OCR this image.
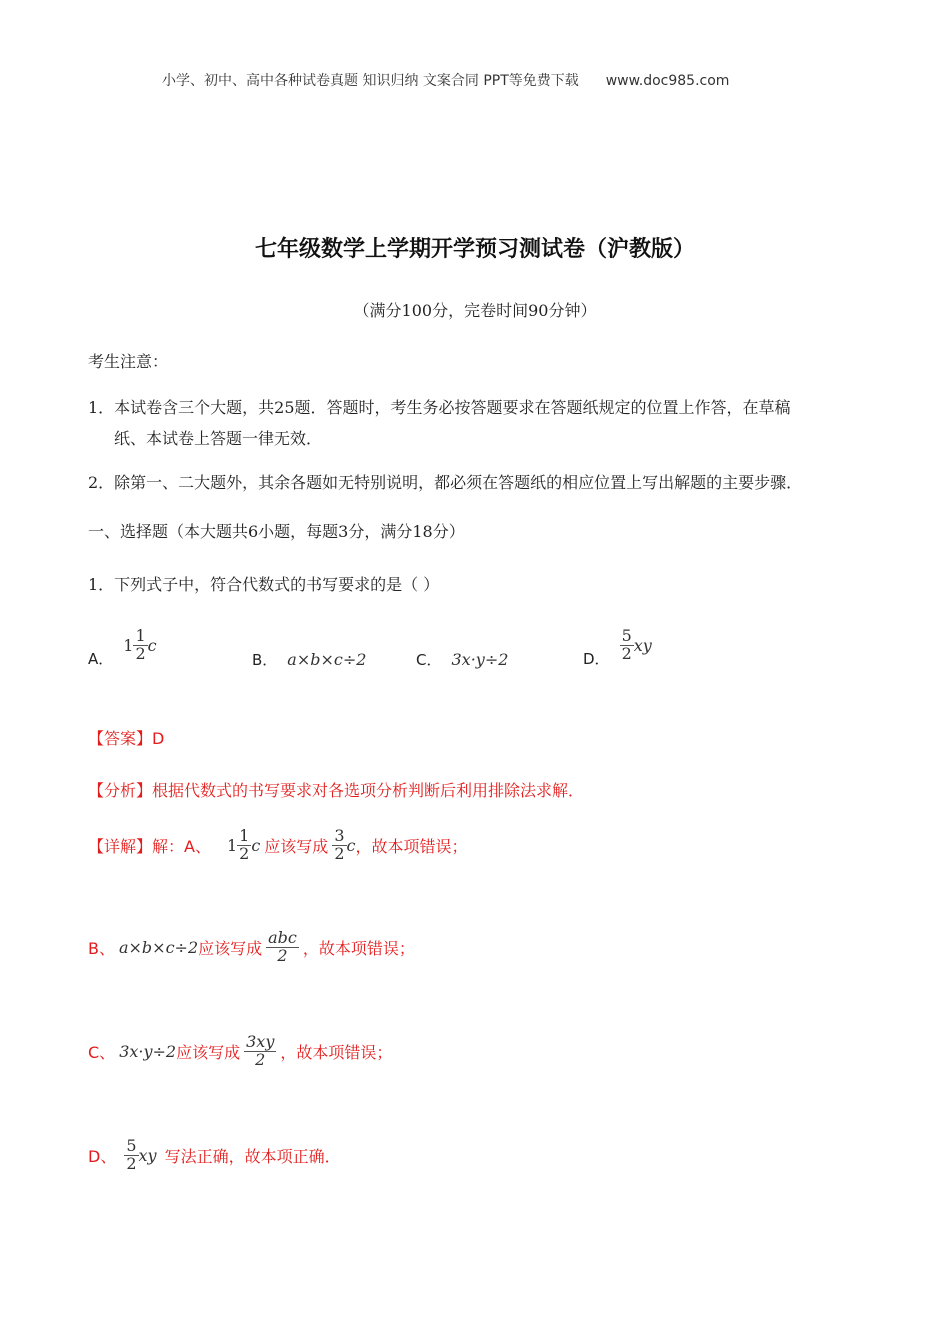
小学、初中、高中各种试卷真题 知识归纳 文案合同 PPT等免费下载 www.doc985.com
七年级数学上学期开学预习测试卷（沪教版）
（满分100分，完卷时间90分钟）
考生注意：
1．本试卷含三个大题，共25题．答题时，考生务必按答题要求在答题纸规定的位置上作答，在草稿
纸、本试卷上答题一律无效．
2．除第一、二大题外，其余各题如无特别说明，都必须在答题纸的相应位置上写出解题的主要步骤．
一、选择题（本大题共6小题，每题3分，满分18分）
1．下列式子中，符合代数式的书写要求的是（ ）
A．
$1 \frac{1}{2}$ c
B． a×b×c÷2	C． 3x·y÷2	D． $\frac{5}{2}$ xy
【答案】D
【分析】根据代数式的书写要求对各选项分析判断后利用排除法求解．
【详解】解：A、 $1 \frac{1}{2}$ c 应该写成 $\frac{3}{2}$ c ，故本项错误；
B、 a×b×c÷2 应该写成 $\frac{\text{abc}}{2}$ ，故本项错误；
C、 3x·y÷2 应该写成 $\frac{3xy}{2}$ ，故本项错误；
D、 $\frac{5}{2}$ xy 写法正确，故本项正确．
